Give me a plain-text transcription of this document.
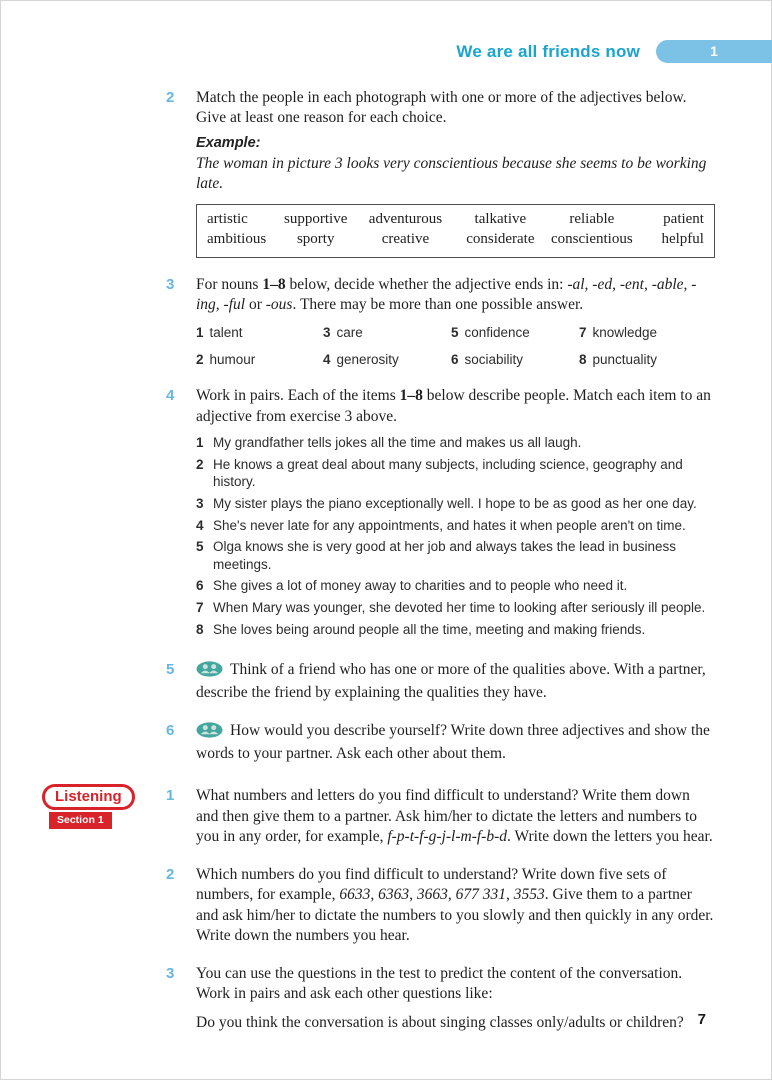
We are all friends now	1
2	Match the people in each photograph with one or more of the adjectives below. Give at least one reason for each choice.

Example:

The woman in picture 3 looks very conscientious because she seems to be working late.

artistic	supportive	adventurous	talkative	reliable	patient
ambitious	sporty	creative	considerate	conscientious	helpful
3	For nouns 1–8 below, decide whether the adjective ends in: -al, -ed, -ent, -able, -ing, -ful or -ous. There may be more than one possible answer.

1 talent	3 care	5 confidence	7 knowledge
2 humour	4 generosity	6 sociability	8 punctuality
4	Work in pairs. Each of the items 1–8 below describe people. Match each item to an adjective from exercise 3 above.

1 My grandfather tells jokes all the time and makes us all laugh.
2 He knows a great deal about many subjects, including science, geography and history.
3 My sister plays the piano exceptionally well. I hope to be as good as her one day.
4 She's never late for any appointments, and hates it when people aren't on time.
5 Olga knows she is very good at her job and always takes the lead in business meetings.
6 She gives a lot of money away to charities and to people who need it.
7 When Mary was younger, she devoted her time to looking after seriously ill people.
8 She loves being around people all the time, meeting and making friends.
5	Think of a friend who has one or more of the qualities above. With a partner, describe the friend by explaining the qualities they have.

6	How would you describe yourself? Write down three adjectives and show the words to your partner. Ask each other about them.

Listening Section 1
1	What numbers and letters do you find difficult to understand? Write them down and then give them to a partner. Ask him/her to dictate the letters and numbers to you in any order, for example, f-p-t-f-g-j-l-m-f-b-d. Write down the letters you hear.

2	Which numbers do you find difficult to understand? Write down five sets of numbers, for example, 6633, 6363, 3663, 677 331, 3553. Give them to a partner and ask him/her to dictate the numbers to you slowly and then quickly in any order. Write down the numbers you hear.

3	You can use the questions in the test to predict the content of the conversation. Work in pairs and ask each other questions like:

Do you think the conversation is about singing classes only/adults or children? 7
